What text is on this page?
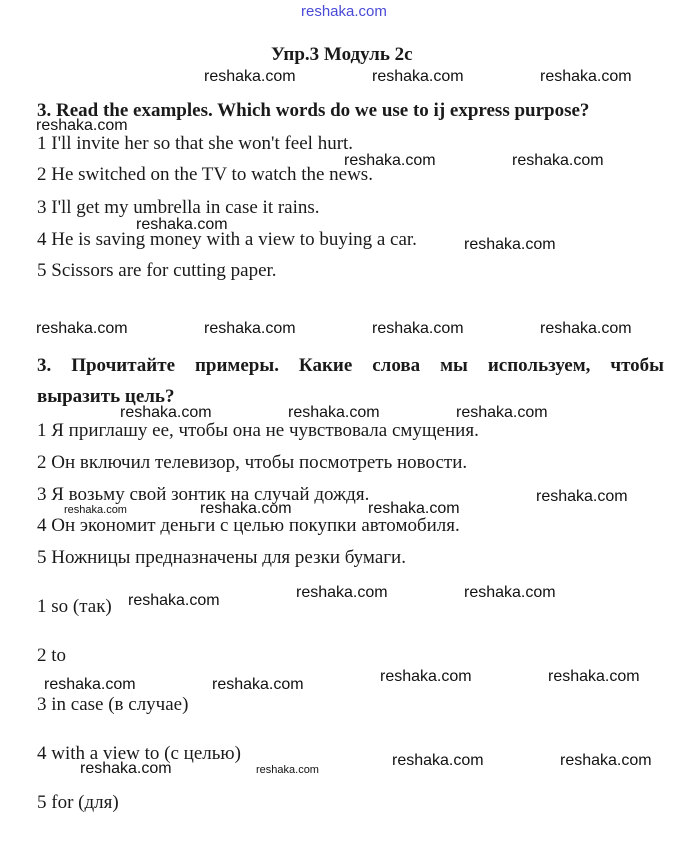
reshaka.com
Упр.3 Модуль 2с
3. Read the examples. Which words do we use to ij express purpose?
1 I'll invite her so that she won't feel hurt.
2 He switched on the TV to watch the news.
3 I'll get my umbrella in case it rains.
4 He is saving money with a view to buying a car.
5 Scissors are for cutting paper.
3. Прочитайте примеры. Какие слова мы используем, чтобы
выразить цель?
1 Я приглашу ее, чтобы она не чувствовала смущения.
2 Он включил телевизор, чтобы посмотреть новости.
3 Я возьму свой зонтик на случай дождя.
4 Он экономит деньги с целью покупки автомобиля.
5 Ножницы предназначены для резки бумаги.
1 so (так)
2 to
3 in case (в случае)
4 with a view to (с целью)
5 for (для)
reshaka.com	reshaka.com	reshaka.com
reshaka.com
reshaka.com	reshaka.com
reshaka.com
reshaka.com
reshaka.com	reshaka.com	reshaka.com	reshaka.com
reshaka.com	reshaka.com	reshaka.com
reshaka.com
reshaka.com	reshaka.com	reshaka.com
reshaka.com	reshaka.com	reshaka.com
reshaka.com	reshaka.com	reshaka.com	reshaka.com
reshaka.com	reshaka.com
reshaka.com	reshaka.com
